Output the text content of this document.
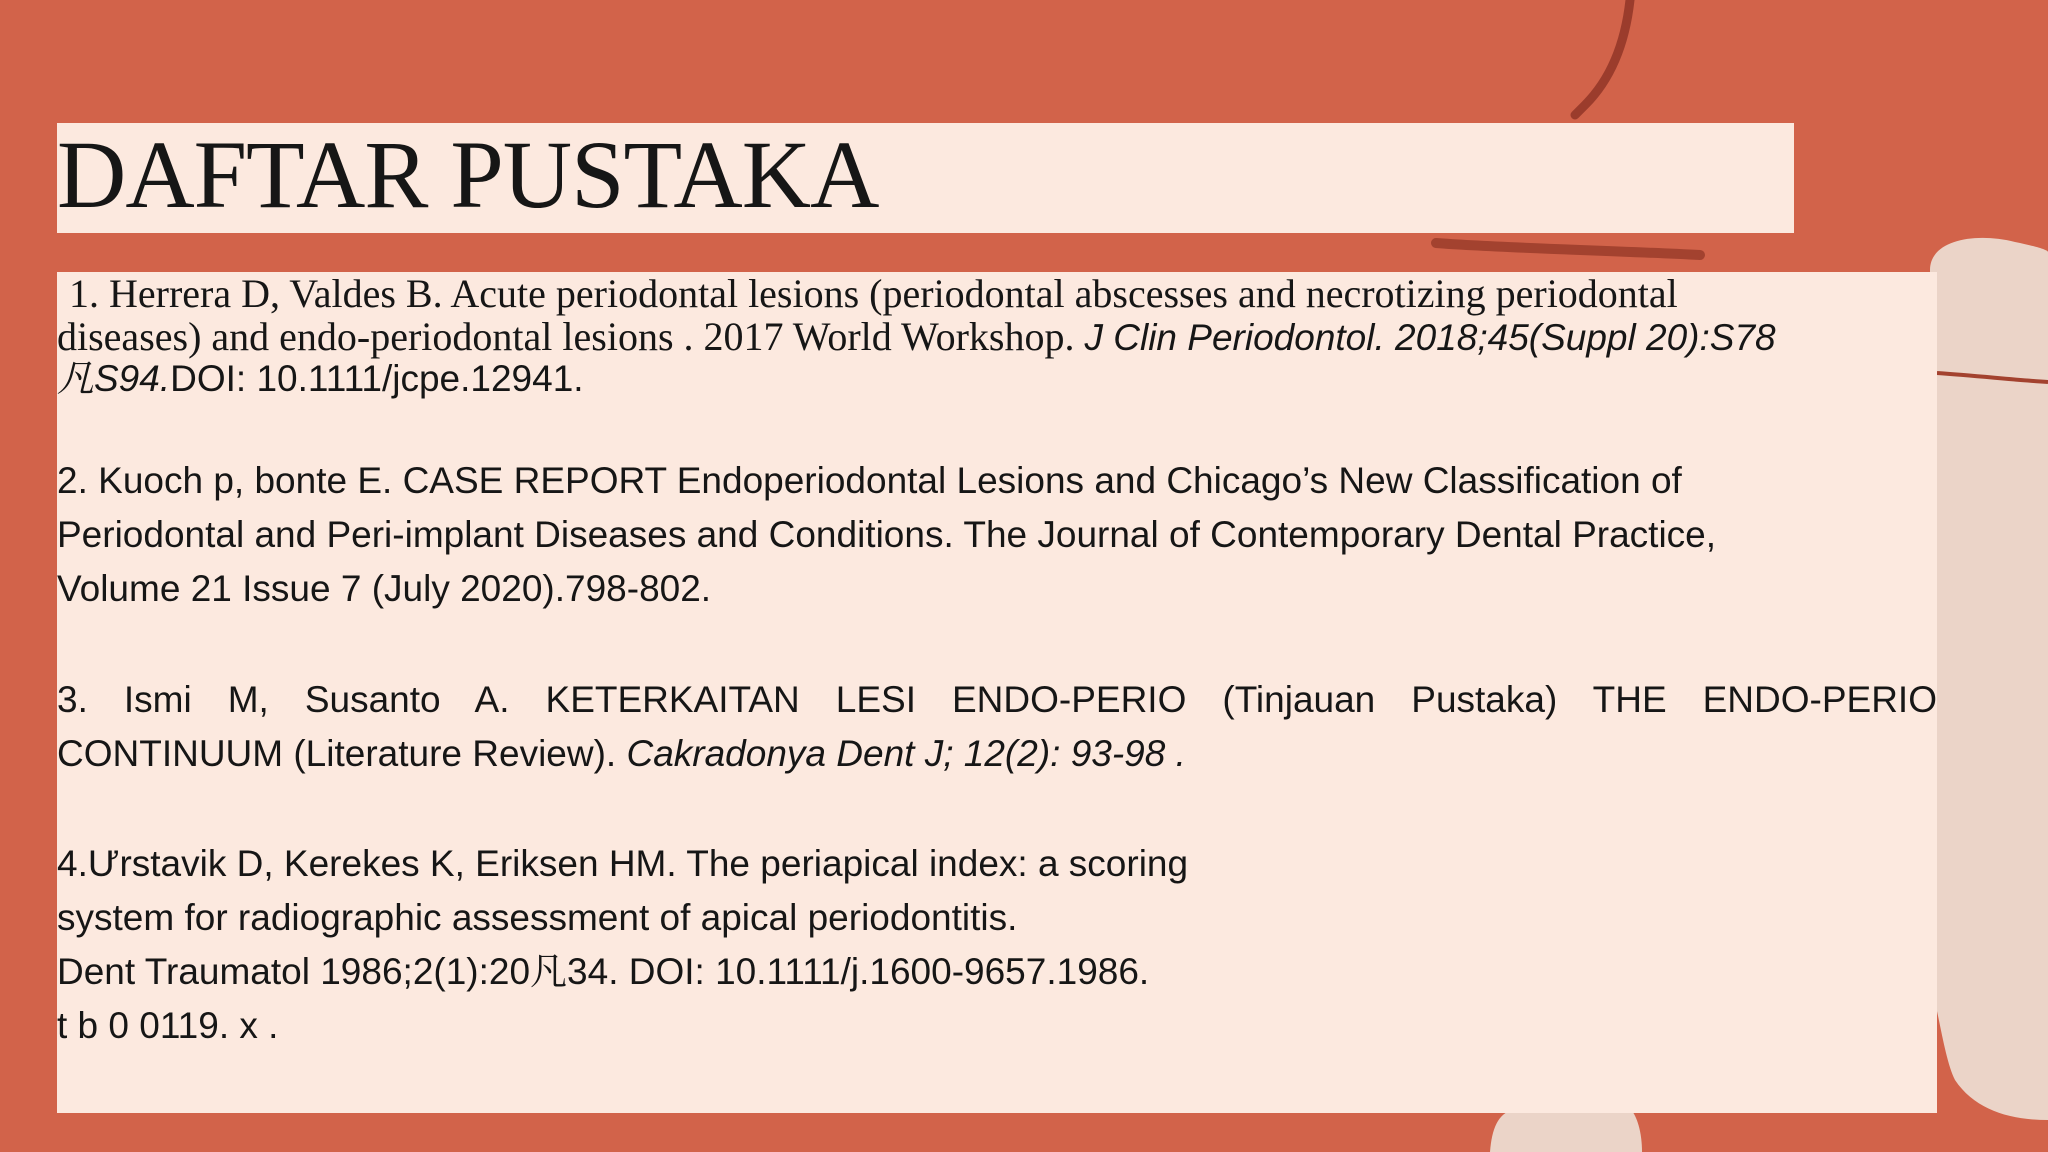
DAFTAR PUSTAKA
1. Herrera D, Valdes B. Acute periodontal lesions (periodontal abscesses and necrotizing periodontal
diseases) and endo-periodontal lesions . 2017 World Workshop. J Clin Periodontol. 2018;45(Suppl 20):S78
凡S94.DOI: 10.1111/jcpe.12941.
2. Kuoch p, bonte E. CASE REPORT Endoperiodontal Lesions and Chicago’s New Classification of
Periodontal and Peri-implant Diseases and Conditions. The Journal of Contemporary Dental Practice,
Volume 21 Issue 7 (July 2020).798-802.
3. Ismi M, Susanto A. KETERKAITAN LESI ENDO-PERIO (Tinjauan Pustaka) THE ENDO-PERIO
CONTINUUM (Literature Review). Cakradonya Dent J; 12(2): 93-98 .
4.Ưrstavik D, Kerekes K, Eriksen HM. The periapical index: a scoring
system for radiographic assessment of apical periodontitis.
Dent Traumatol 1986;2(1):20凡34. DOI: 10.1111/j.1600-9657.1986.
t b 0 0119. x .
